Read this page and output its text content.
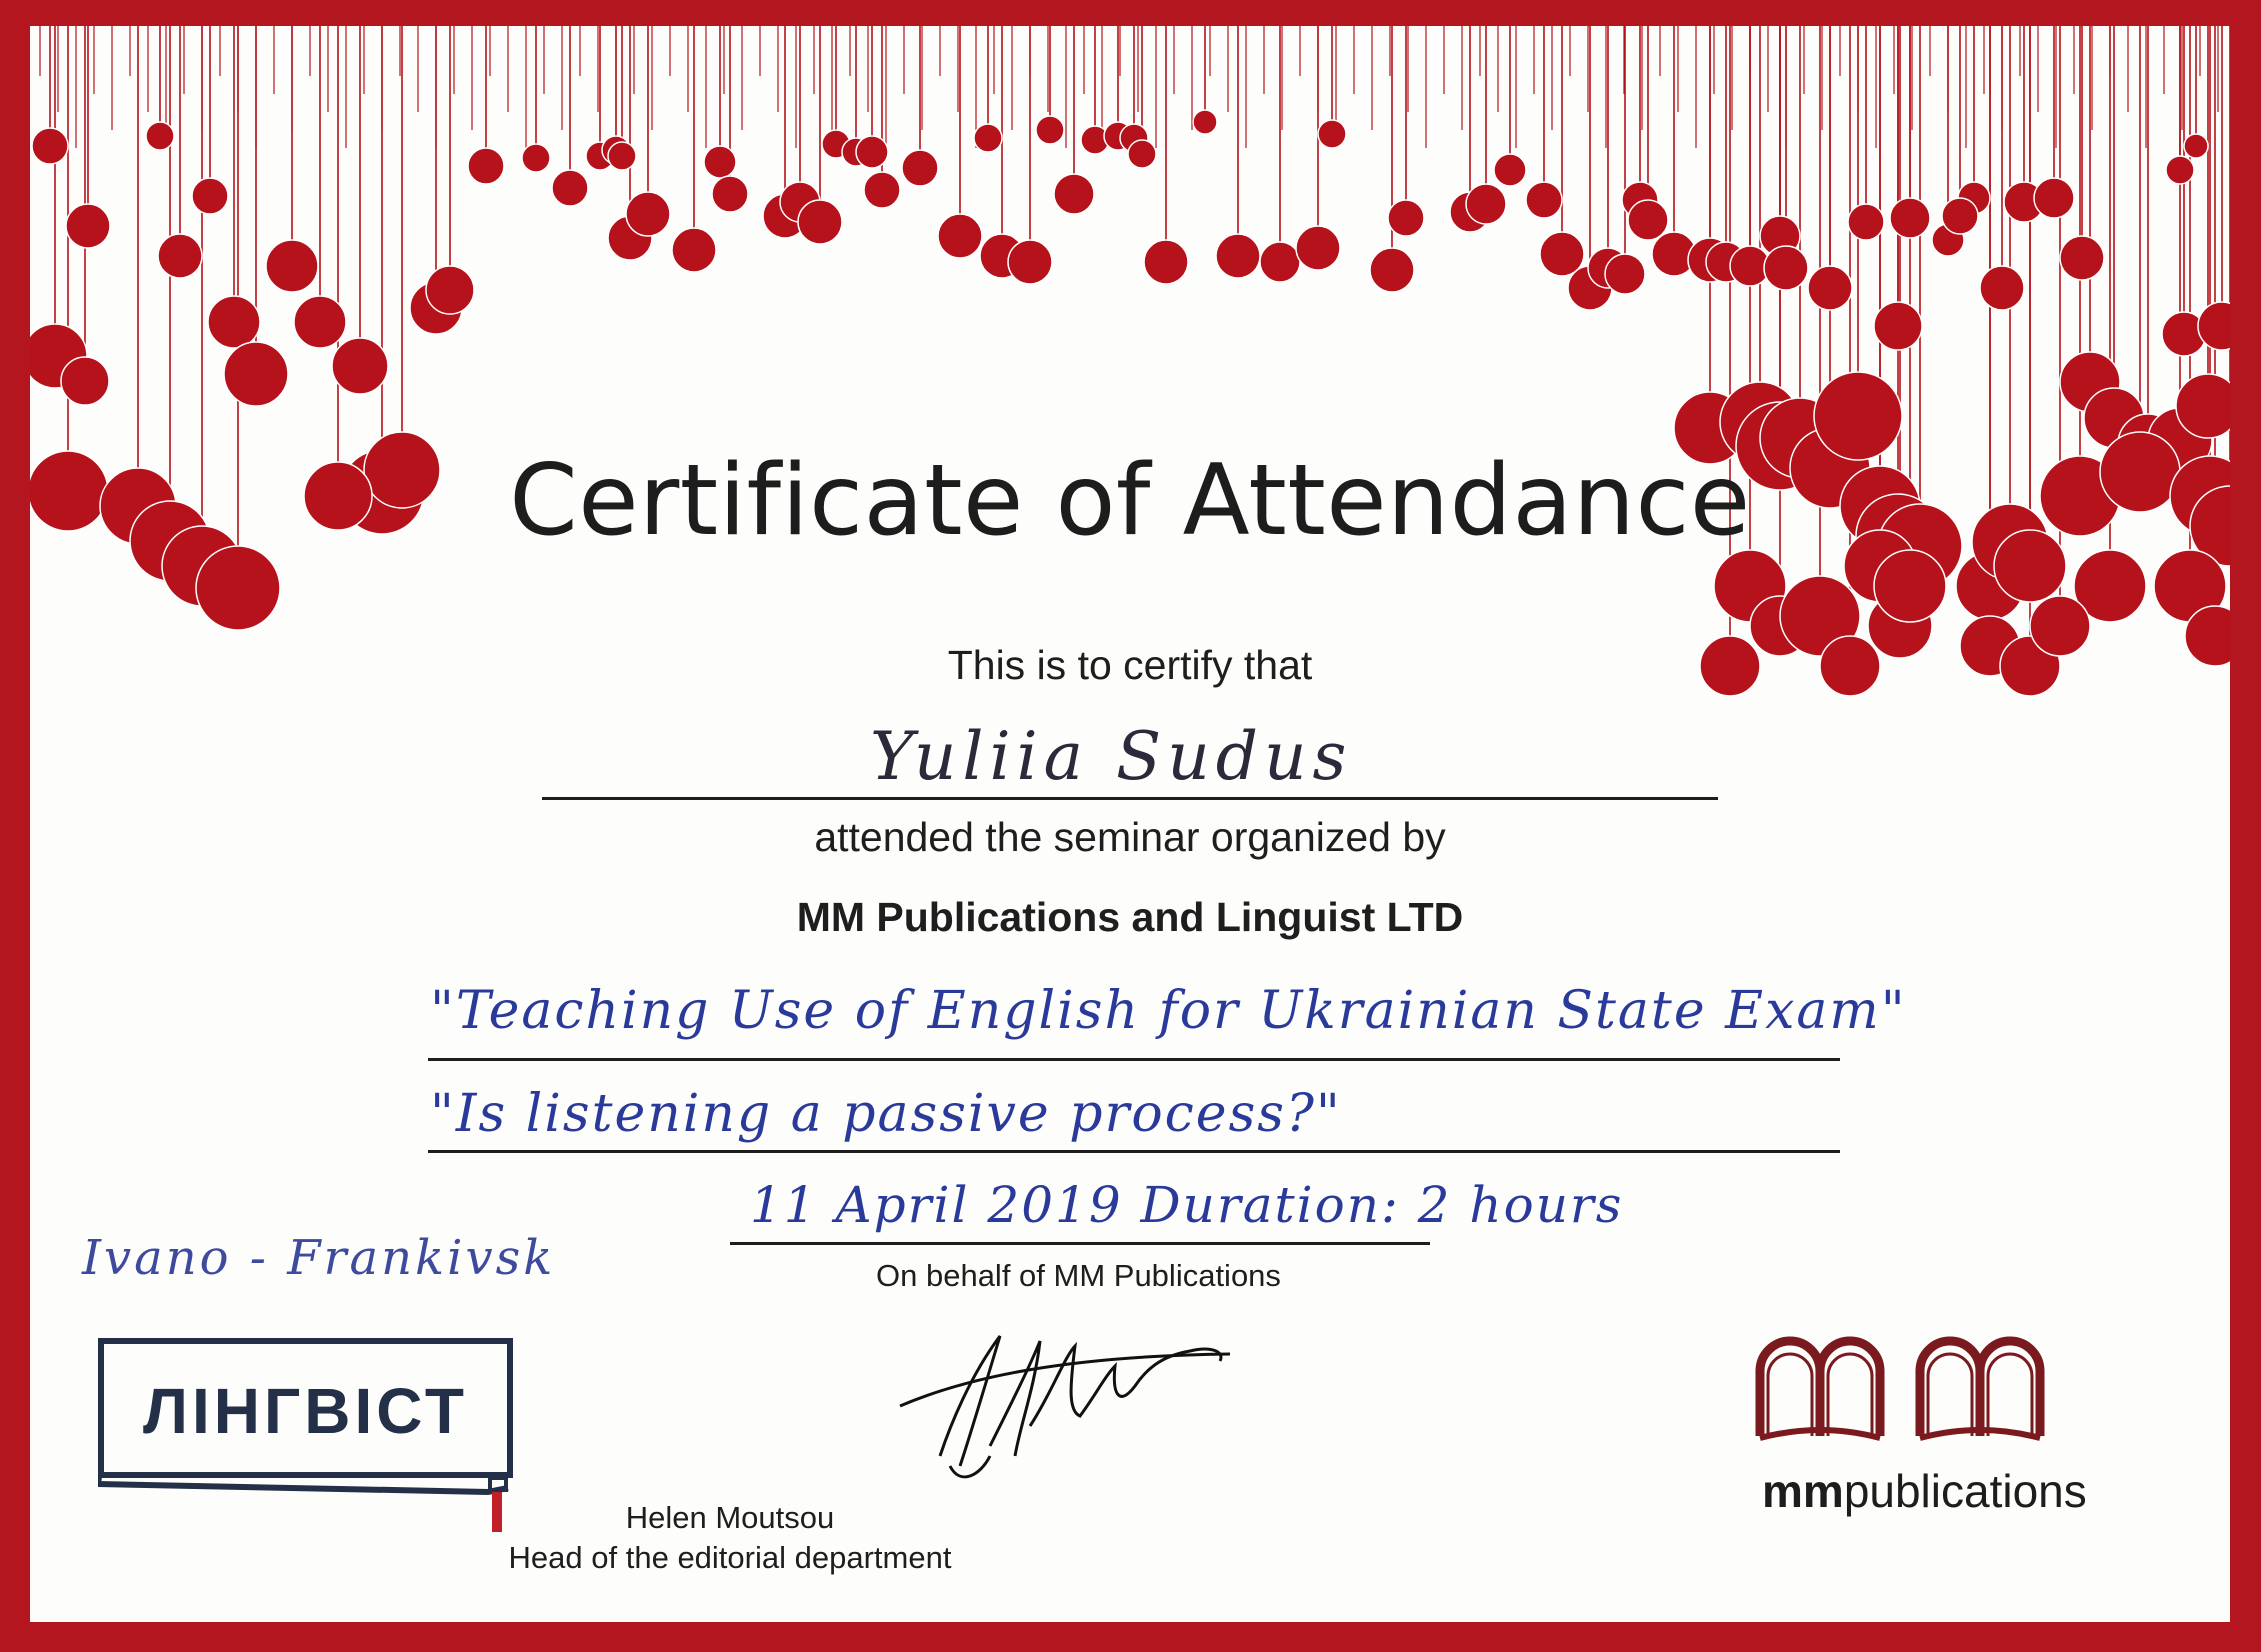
Certificate of Attendance
This is to certify that
Yuliia Sudus
attended the seminar organized by
MM Publications and Linguist LTD
"Teaching Use of English for Ukrainian State Exam"
"Is listening a passive process?"
11 April 2019 Duration: 2 hours
Ivano - Frankivsk	On behalf of MM Publications
Helen Moutsou
Head of the editorial department
ЛІНГВІСТ
mmpublications
